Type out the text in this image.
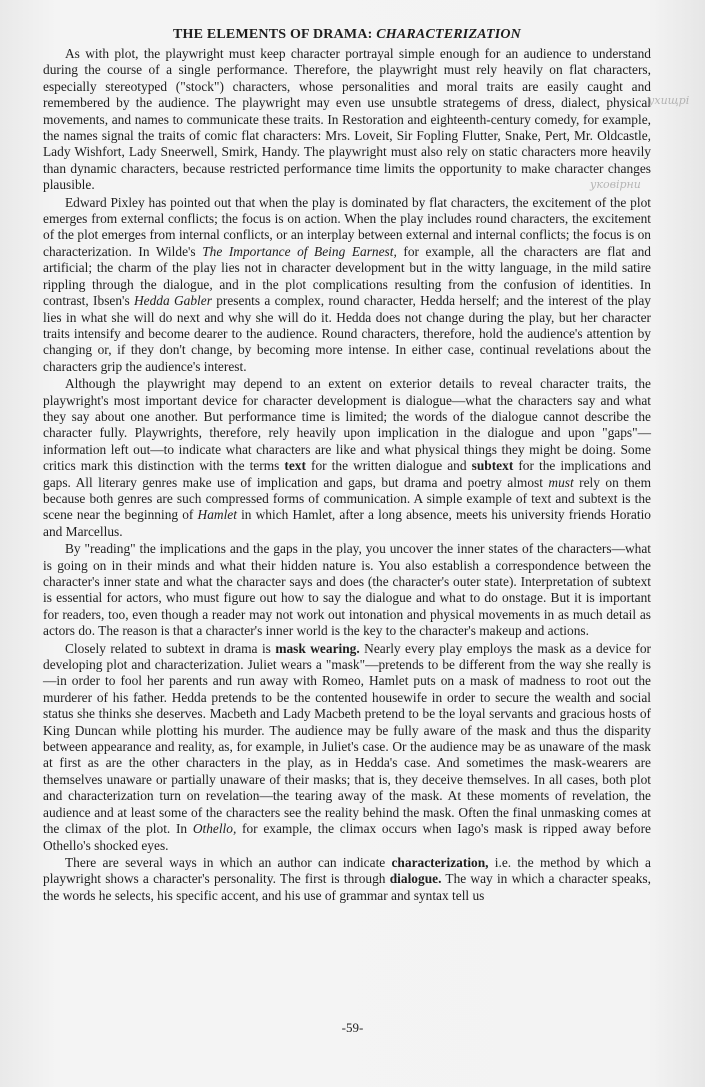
THE ELEMENTS OF DRAMA: CHARACTERIZATION

As with plot, the playwright must keep character portrayal simple enough for an audience to understand during the course of a single performance. Therefore, the playwright must rely heavily on flat characters, especially stereotyped ("stock") characters, whose personalities and moral traits are easily caught and remembered by the audience. The playwright may even use unsubtle strategems of dress, dialect, physical movements, and names to communicate these traits. In Restoration and eighteenth-century comedy, for example, the names signal the traits of comic flat characters: Mrs. Loveit, Sir Fopling Flutter, Snake, Pert, Mr. Oldcastle, Lady Wishfort, Lady Sneerwell, Smirk, Handy. The playwright must also rely on static characters more heavily than dynamic characters, because restricted performance time limits the opportunity to make character changes plausible.

Edward Pixley has pointed out that when the play is dominated by flat characters, the excitement of the plot emerges from external conflicts; the focus is on action. When the play includes round characters, the excitement of the plot emerges from internal conflicts, or an interplay between external and internal conflicts; the focus is on characterization. In Wilde's The Importance of Being Earnest, for example, all the characters are flat and artificial; the charm of the play lies not in character development but in the witty language, in the mild satire rippling through the dialogue, and in the plot complications resulting from the confusion of identities. In contrast, Ibsen's Hedda Gabler presents a complex, round character, Hedda herself; and the interest of the play lies in what she will do next and why she will do it. Hedda does not change during the play, but her character traits intensify and become dearer to the audience. Round characters, therefore, hold the audience's attention by changing or, if they don't change, by becoming more intense. In either case, continual revelations about the characters grip the audience's interest.

Although the playwright may depend to an extent on exterior details to reveal character traits, the playwright's most important device for character development is dialogue—what the characters say and what they say about one another. But performance time is limited; the words of the dialogue cannot describe the character fully. Playwrights, therefore, rely heavily upon implication in the dialogue and upon "gaps"—information left out—to indicate what characters are like and what physical things they might be doing. Some critics mark this distinction with the terms text for the written dialogue and subtext for the implications and gaps. All literary genres make use of implication and gaps, but drama and poetry almost must rely on them because both genres are such compressed forms of communication. A simple example of text and subtext is the scene near the beginning of Hamlet in which Hamlet, after a long absence, meets his university friends Horatio and Marcellus.

By "reading" the implications and the gaps in the play, you uncover the inner states of the characters—what is going on in their minds and what their hidden nature is. You also establish a correspondence between the character's inner state and what the character says and does (the character's outer state). Interpretation of subtext is essential for actors, who must figure out how to say the dialogue and what to do onstage. But it is important for readers, too, even though a reader may not work out intonation and physical movements in as much detail as actors do. The reason is that a character's inner world is the key to the character's makeup and actions.

Closely related to subtext in drama is mask wearing. Nearly every play employs the mask as a device for developing plot and characterization. Juliet wears a "mask"—pretends to be different from the way she really is—in order to fool her parents and run away with Romeo, Hamlet puts on a mask of madness to root out the murderer of his father. Hedda pretends to be the contented housewife in order to secure the wealth and social status she thinks she deserves. Macbeth and Lady Macbeth pretend to be the loyal servants and gracious hosts of King Duncan while plotting his murder. The audience may be fully aware of the mask and thus the disparity between appearance and reality, as, for example, in Juliet's case. Or the audience may be as unaware of the mask at first as are the other characters in the play, as in Hedda's case. And sometimes the mask-wearers are themselves unaware or partially unaware of their masks; that is, they deceive themselves. In all cases, both plot and characterization turn on revelation—the tearing away of the mask. At these moments of revelation, the audience and at least some of the characters see the reality behind the mask. Often the final unmasking comes at the climax of the plot. In Othello, for example, the climax occurs when Iago's mask is ripped away before Othello's shocked eyes.

There are several ways in which an author can indicate characterization, i.e. the method by which a playwright shows a character's personality. The first is through dialogue. The way in which a character speaks, the words he selects, his specific accent, and his use of grammar and syntax tell us

-59-
ухищрі
уковірни
